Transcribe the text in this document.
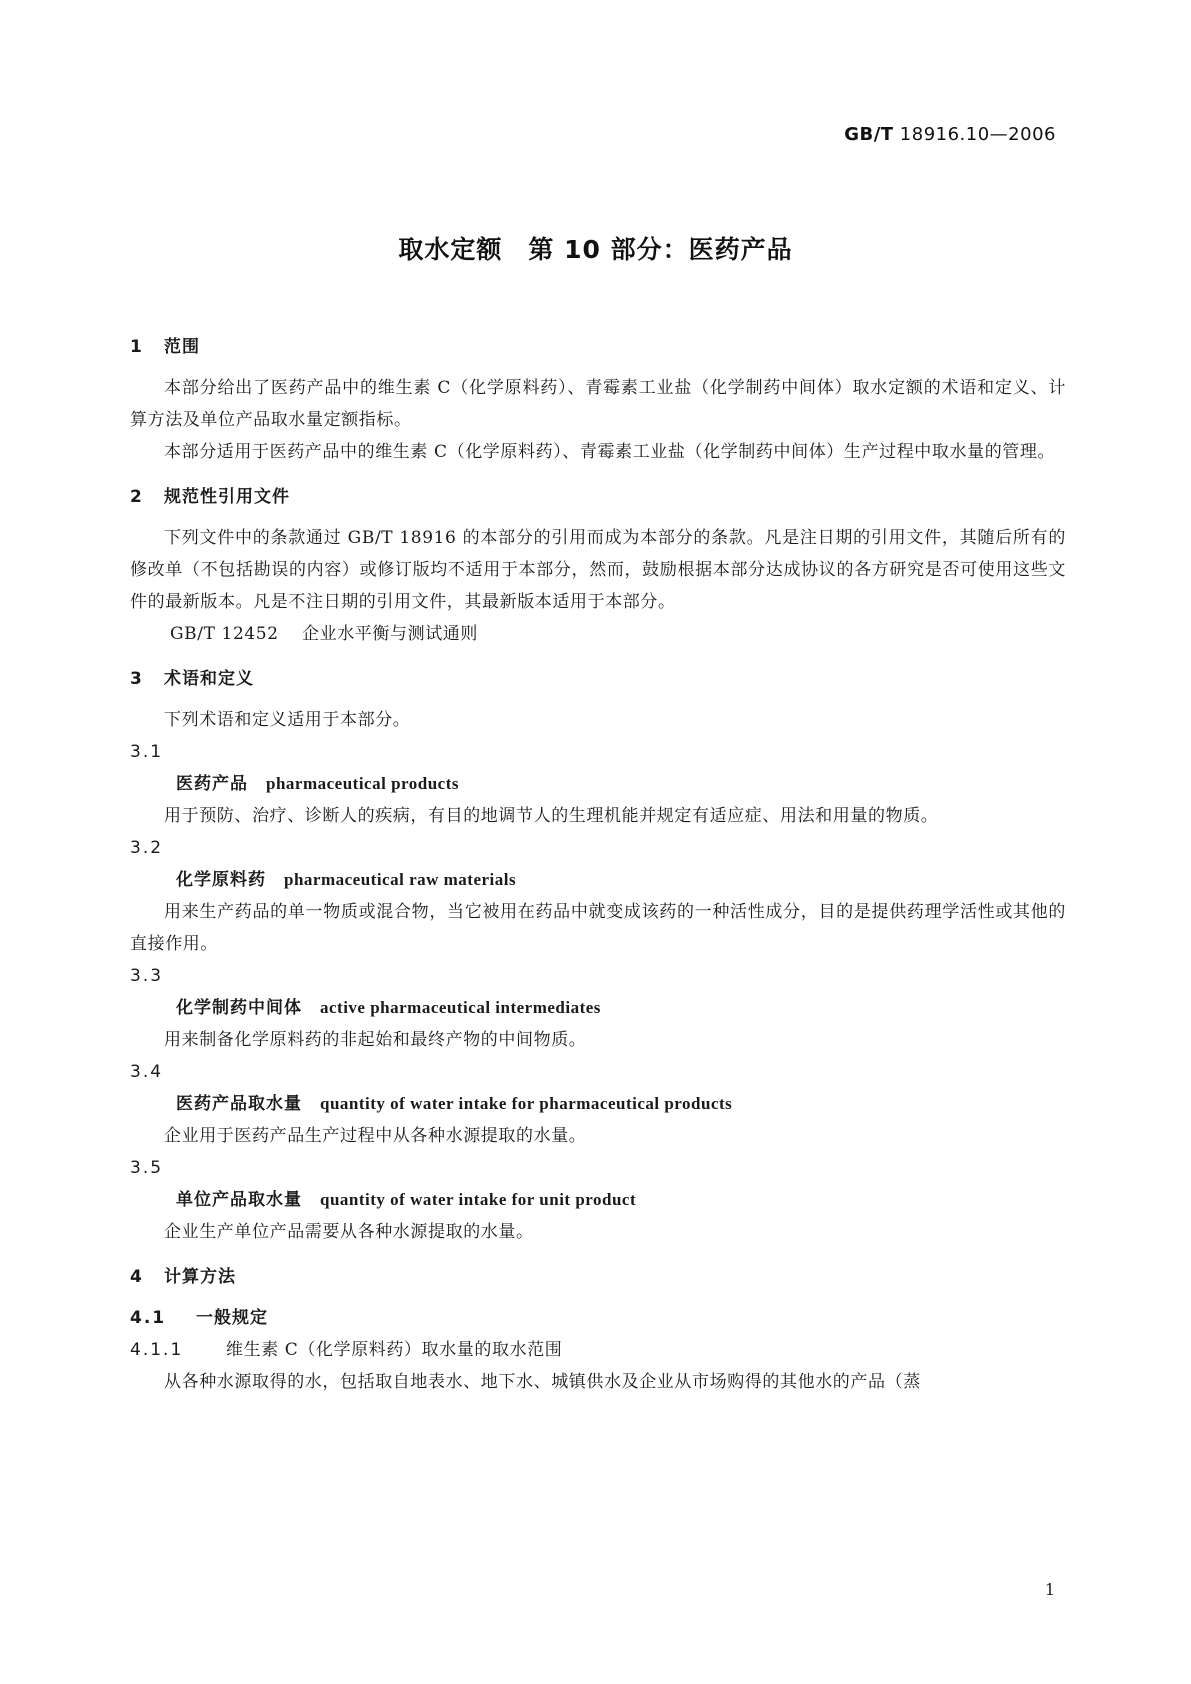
GB/T 18916.10—2006
取水定额　第 10 部分：医药产品

1 范围

本部分给出了医药产品中的维生素 C（化学原料药）、青霉素工业盐（化学制药中间体）取水定额的术语和定义、计算方法及单位产品取水量定额指标。

本部分适用于医药产品中的维生素 C（化学原料药）、青霉素工业盐（化学制药中间体）生产过程中取水量的管理。

2 规范性引用文件

下列文件中的条款通过 GB/T 18916 的本部分的引用而成为本部分的条款。凡是注日期的引用文件，其随后所有的修改单（不包括勘误的内容）或修订版均不适用于本部分，然而，鼓励根据本部分达成协议的各方研究是否可使用这些文件的最新版本。凡是不注日期的引用文件，其最新版本适用于本部分。

GB/T 12452 企业水平衡与测试通则

3 术语和定义

下列术语和定义适用于本部分。

3.1

医药产品 pharmaceutical products

用于预防、治疗、诊断人的疾病，有目的地调节人的生理机能并规定有适应症、用法和用量的物质。

3.2

化学原料药 pharmaceutical raw materials

用来生产药品的单一物质或混合物，当它被用在药品中就变成该药的一种活性成分，目的是提供药理学活性或其他的直接作用。

3.3

化学制药中间体 active pharmaceutical intermediates

用来制备化学原料药的非起始和最终产物的中间物质。

3.4

医药产品取水量 quantity of water intake for pharmaceutical products

企业用于医药产品生产过程中从各种水源提取的水量。

3.5

单位产品取水量 quantity of water intake for unit product

企业生产单位产品需要从各种水源提取的水量。

4 计算方法

4.1 一般规定

4.1.1	维生素 C（化学原料药）取水量的取水范围

从各种水源取得的水，包括取自地表水、地下水、城镇供水及企业从市场购得的其他水的产品（蒸

1
